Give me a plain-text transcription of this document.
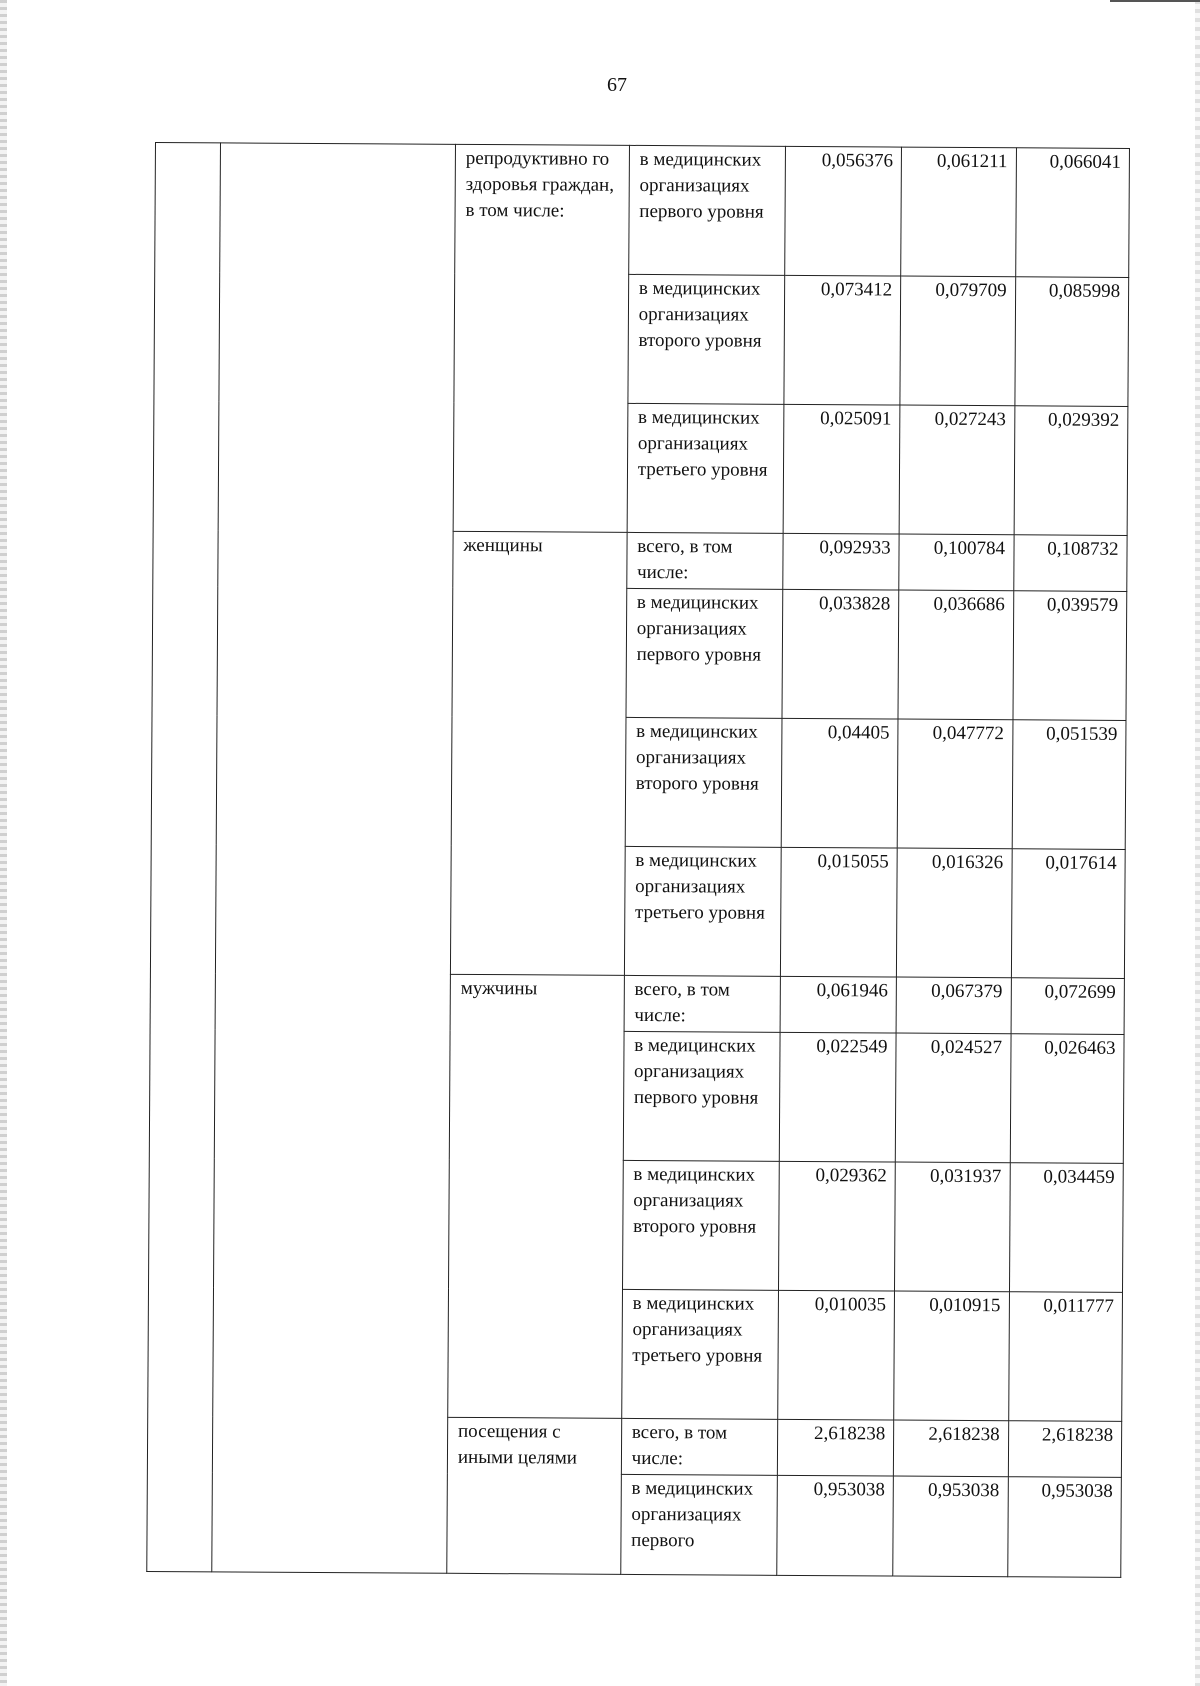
67
		репродуктивно го здоровья граждан, в том числе:	в медицинских организациях первого уровня	0,056376	0,061211	0,066041
			в медицинских организациях второго уровня	0,073412	0,079709	0,085998
			в медицинских организациях третьего уровня	0,025091	0,027243	0,029392
		женщины	всего, в том числе:	0,092933	0,100784	0,108732
			в медицинских организациях первого уровня	0,033828	0,036686	0,039579
			в медицинских организациях второго уровня	0,04405	0,047772	0,051539
			в медицинских организациях третьего уровня	0,015055	0,016326	0,017614
		мужчины	всего, в том числе:	0,061946	0,067379	0,072699
			в медицинских организациях первого уровня	0,022549	0,024527	0,026463
			в медицинских организациях второго уровня	0,029362	0,031937	0,034459
			в медицинских организациях третьего уровня	0,010035	0,010915	0,011777
		посещения с иными целями	всего, в том числе:	2,618238	2,618238	2,618238
			в медицинских организациях первого	0,953038	0,953038	0,953038
